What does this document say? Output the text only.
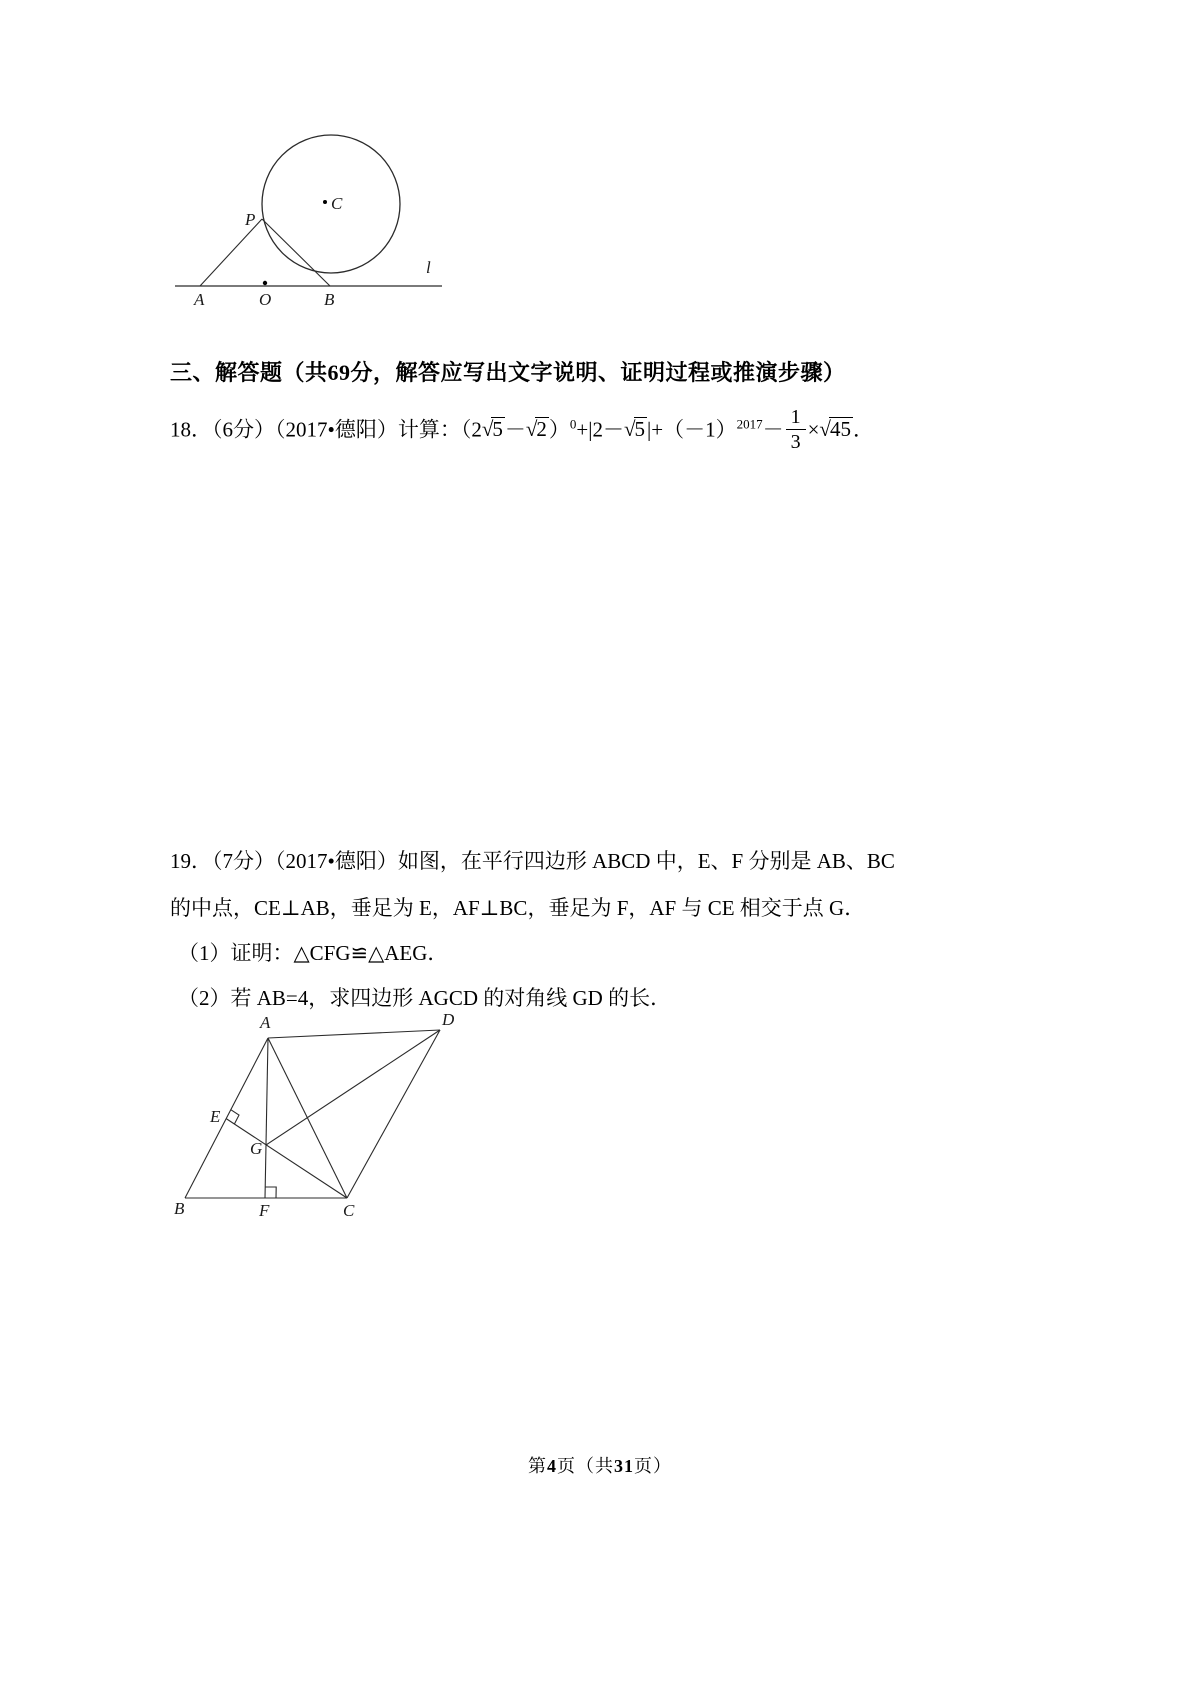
P
C
l
A	O	B
三、解答题（共69分，解答应写出文字说明、证明过程或推演步骤）
18．（6分）（2017•德阳）计算：$(2√5-√2)^0+|2-√5|+(-1)^{2017}- \frac{1}{3} \times√45$．
19．（7分）（2017•德阳）如图，在平行四边形 ABCD 中，E、F 分别是 AB、BC
的中点，CE⊥AB，垂足为 E，AF⊥BC，垂足为 F，AF 与 CE 相交于点 G．
（1）证明：△CFG≌△AEG．
（2）若 AB=4，求四边形 AGCD 的对角线 GD 的长．
A	D
B	F	C
E
G
第4页（共31页）
